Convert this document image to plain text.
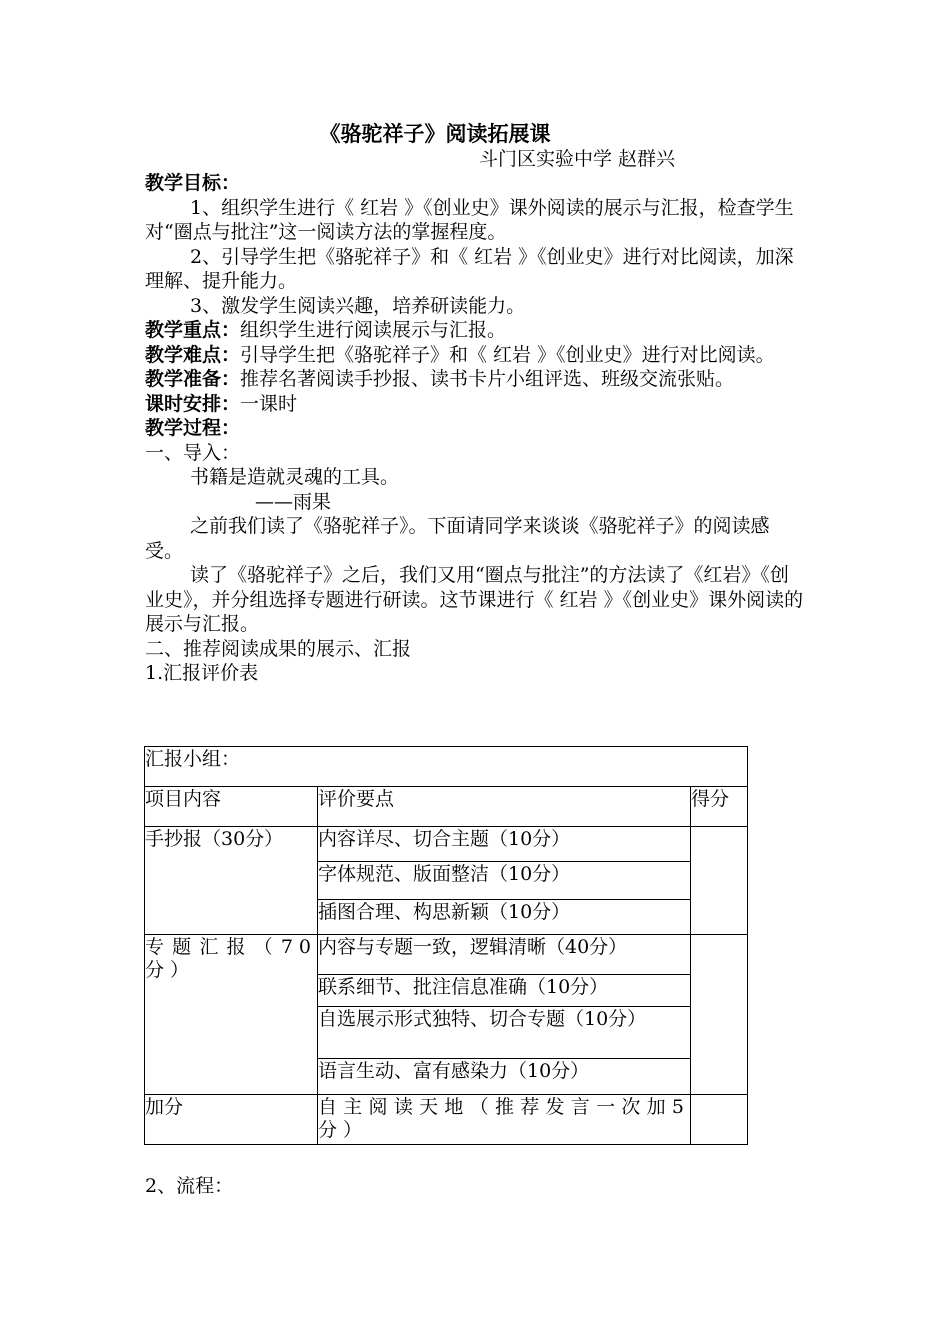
《骆驼祥子》阅读拓展课
斗门区实验中学 赵群兴

教学目标：

1、组织学生进行《 红岩 》《创业史》课外阅读的展示与汇报，检查学生对“圈点与批注”这一阅读方法的掌握程度。

2、引导学生把《骆驼祥子》和《 红岩 》《创业史》进行对比阅读，加深理解、提升能力。

3、激发学生阅读兴趣，培养研读能力。

教学重点：组织学生进行阅读展示与汇报。

教学难点：引导学生把《骆驼祥子》和《 红岩 》《创业史》进行对比阅读。

教学准备：推荐名著阅读手抄报、读书卡片小组评选、班级交流张贴。

课时安排：一课时

教学过程：

一、导入：

书籍是造就灵魂的工具。

——雨果

之前我们读了《骆驼祥子》。下面请同学来谈谈《骆驼祥子》的阅读感受。

读了《骆驼祥子》之后，我们又用“圈点与批注”的方法读了《红岩》《创业史》，并分组选择专题进行研读。这节课进行《 红岩 》《创业史》课外阅读的展示与汇报。

二、推荐阅读成果的展示、汇报

1.汇报评价表

汇报小组：		
项目内容	评价要点	得分
手抄报（30分）	内容详尽、切合主题（10分）	
	字体规范、版面整洁（10分）	
	插图合理、构思新颖（10分）	
专题汇报（70分）	内容与专题一致，逻辑清晰（40分）	
	联系细节、批注信息准确（10分）	
	自选展示形式独特、切合专题（10分）	
	语言生动、富有感染力（10分）	
加分	自主阅读天地（推荐发言一次加5分）	
2、流程：
